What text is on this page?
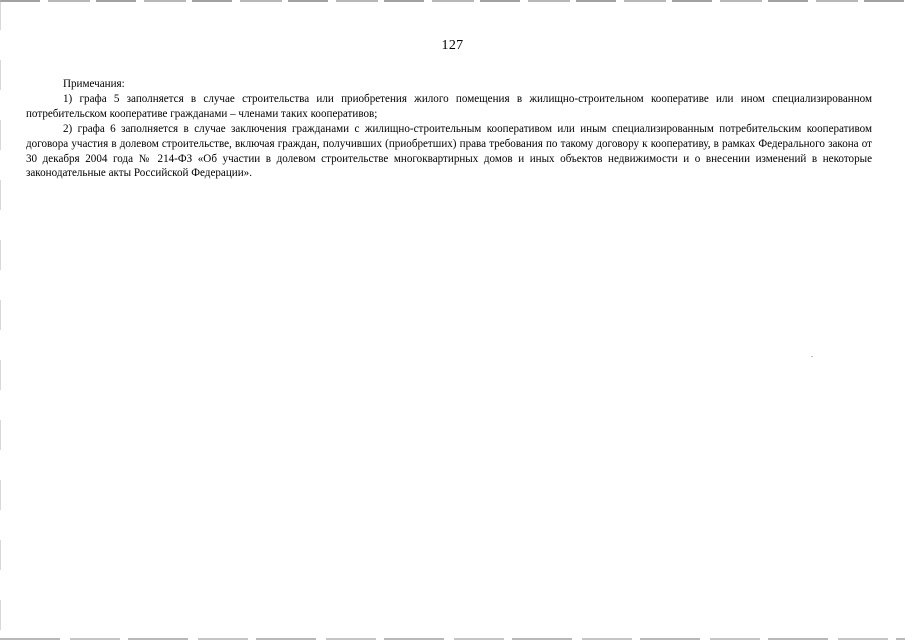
127

Примечания:

1) графа 5 заполняется в случае строительства или приобретения жилого помещения в жилищно-строительном кооперативе или ином специализированном потребительском кооперативе гражданами – членами таких кооперативов;

2) графа 6 заполняется в случае заключения гражданами с жилищно-строительным кооперативом или иным специализированным потребительским кооперативом договора участия в долевом строительстве, включая граждан, получивших (приобретших) права требования по такому договору к кооперативу, в рамках Федерального закона от 30 декабря 2004 года № 214-ФЗ «Об участии в долевом строительстве многоквартирных домов и иных объектов недвижимости и о внесении изменений в некоторые законодательные акты Российской Федерации».
